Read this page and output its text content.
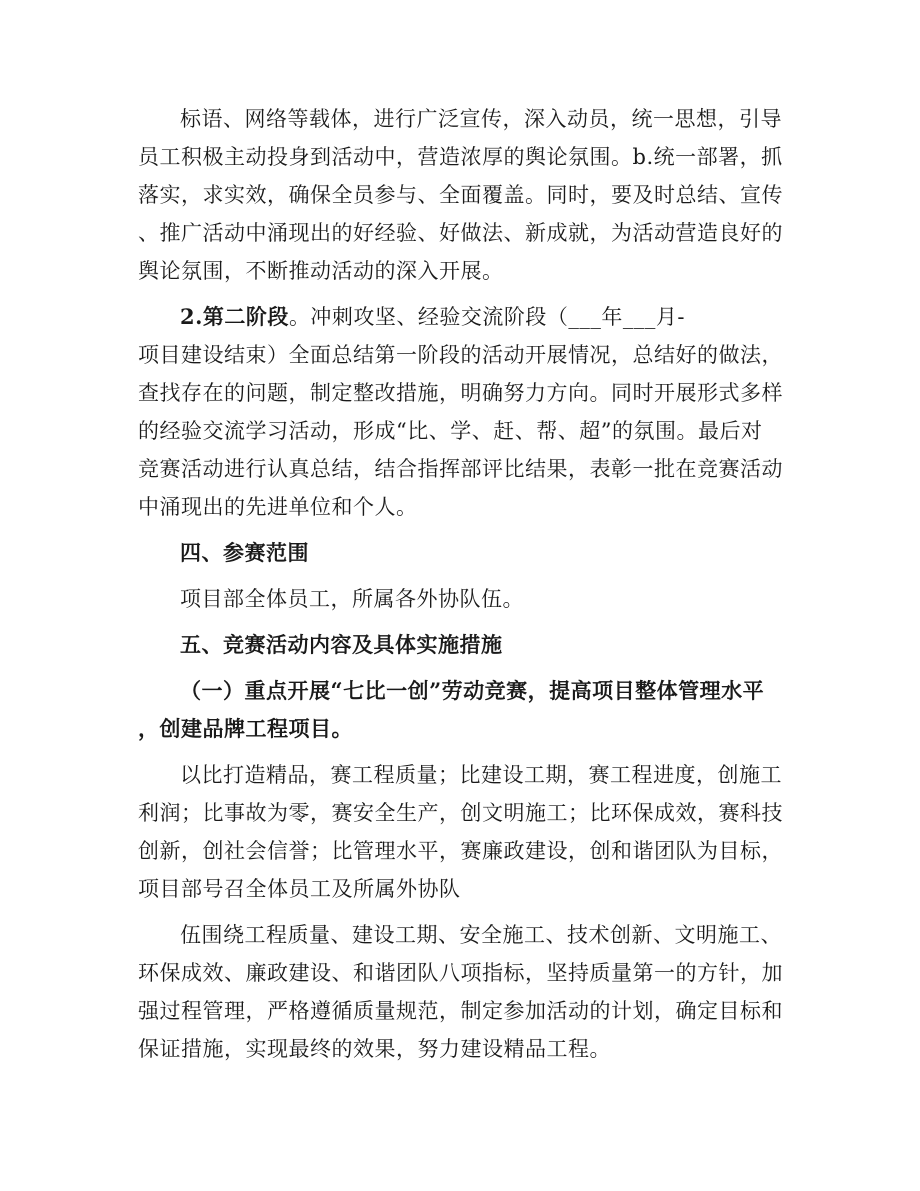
标语、网络等载体，进行广泛宣传，深入动员，统一思想，引导
员工积极主动投身到活动中，营造浓厚的舆论氛围。b.统一部署，抓
落实，求实效，确保全员参与、全面覆盖。同时，要及时总结、宣传
、推广活动中涌现出的好经验、好做法、新成就，为活动营造良好的
舆论氛围，不断推动活动的深入开展。
2.第二阶段。冲刺攻坚、经验交流阶段（___年___月-
项目建设结束）全面总结第一阶段的活动开展情况，总结好的做法，
查找存在的问题，制定整改措施，明确努力方向。同时开展形式多样
的经验交流学习活动，形成“比、学、赶、帮、超”的氛围。最后对
竞赛活动进行认真总结，结合指挥部评比结果，表彰一批在竞赛活动
中涌现出的先进单位和个人。
四、参赛范围
项目部全体员工，所属各外协队伍。
五、竞赛活动内容及具体实施措施
（一）重点开展“七比一创”劳动竞赛，提高项目整体管理水平
，创建品牌工程项目。
以比打造精品，赛工程质量；比建设工期，赛工程进度，创施工
利润；比事故为零，赛安全生产，创文明施工；比环保成效，赛科技
创新，创社会信誉；比管理水平，赛廉政建设，创和谐团队为目标，
项目部号召全体员工及所属外协队
伍围绕工程质量、建设工期、安全施工、技术创新、文明施工、
环保成效、廉政建设、和谐团队八项指标，坚持质量第一的方针，加
强过程管理，严格遵循质量规范，制定参加活动的计划，确定目标和
保证措施，实现最终的效果，努力建设精品工程。
